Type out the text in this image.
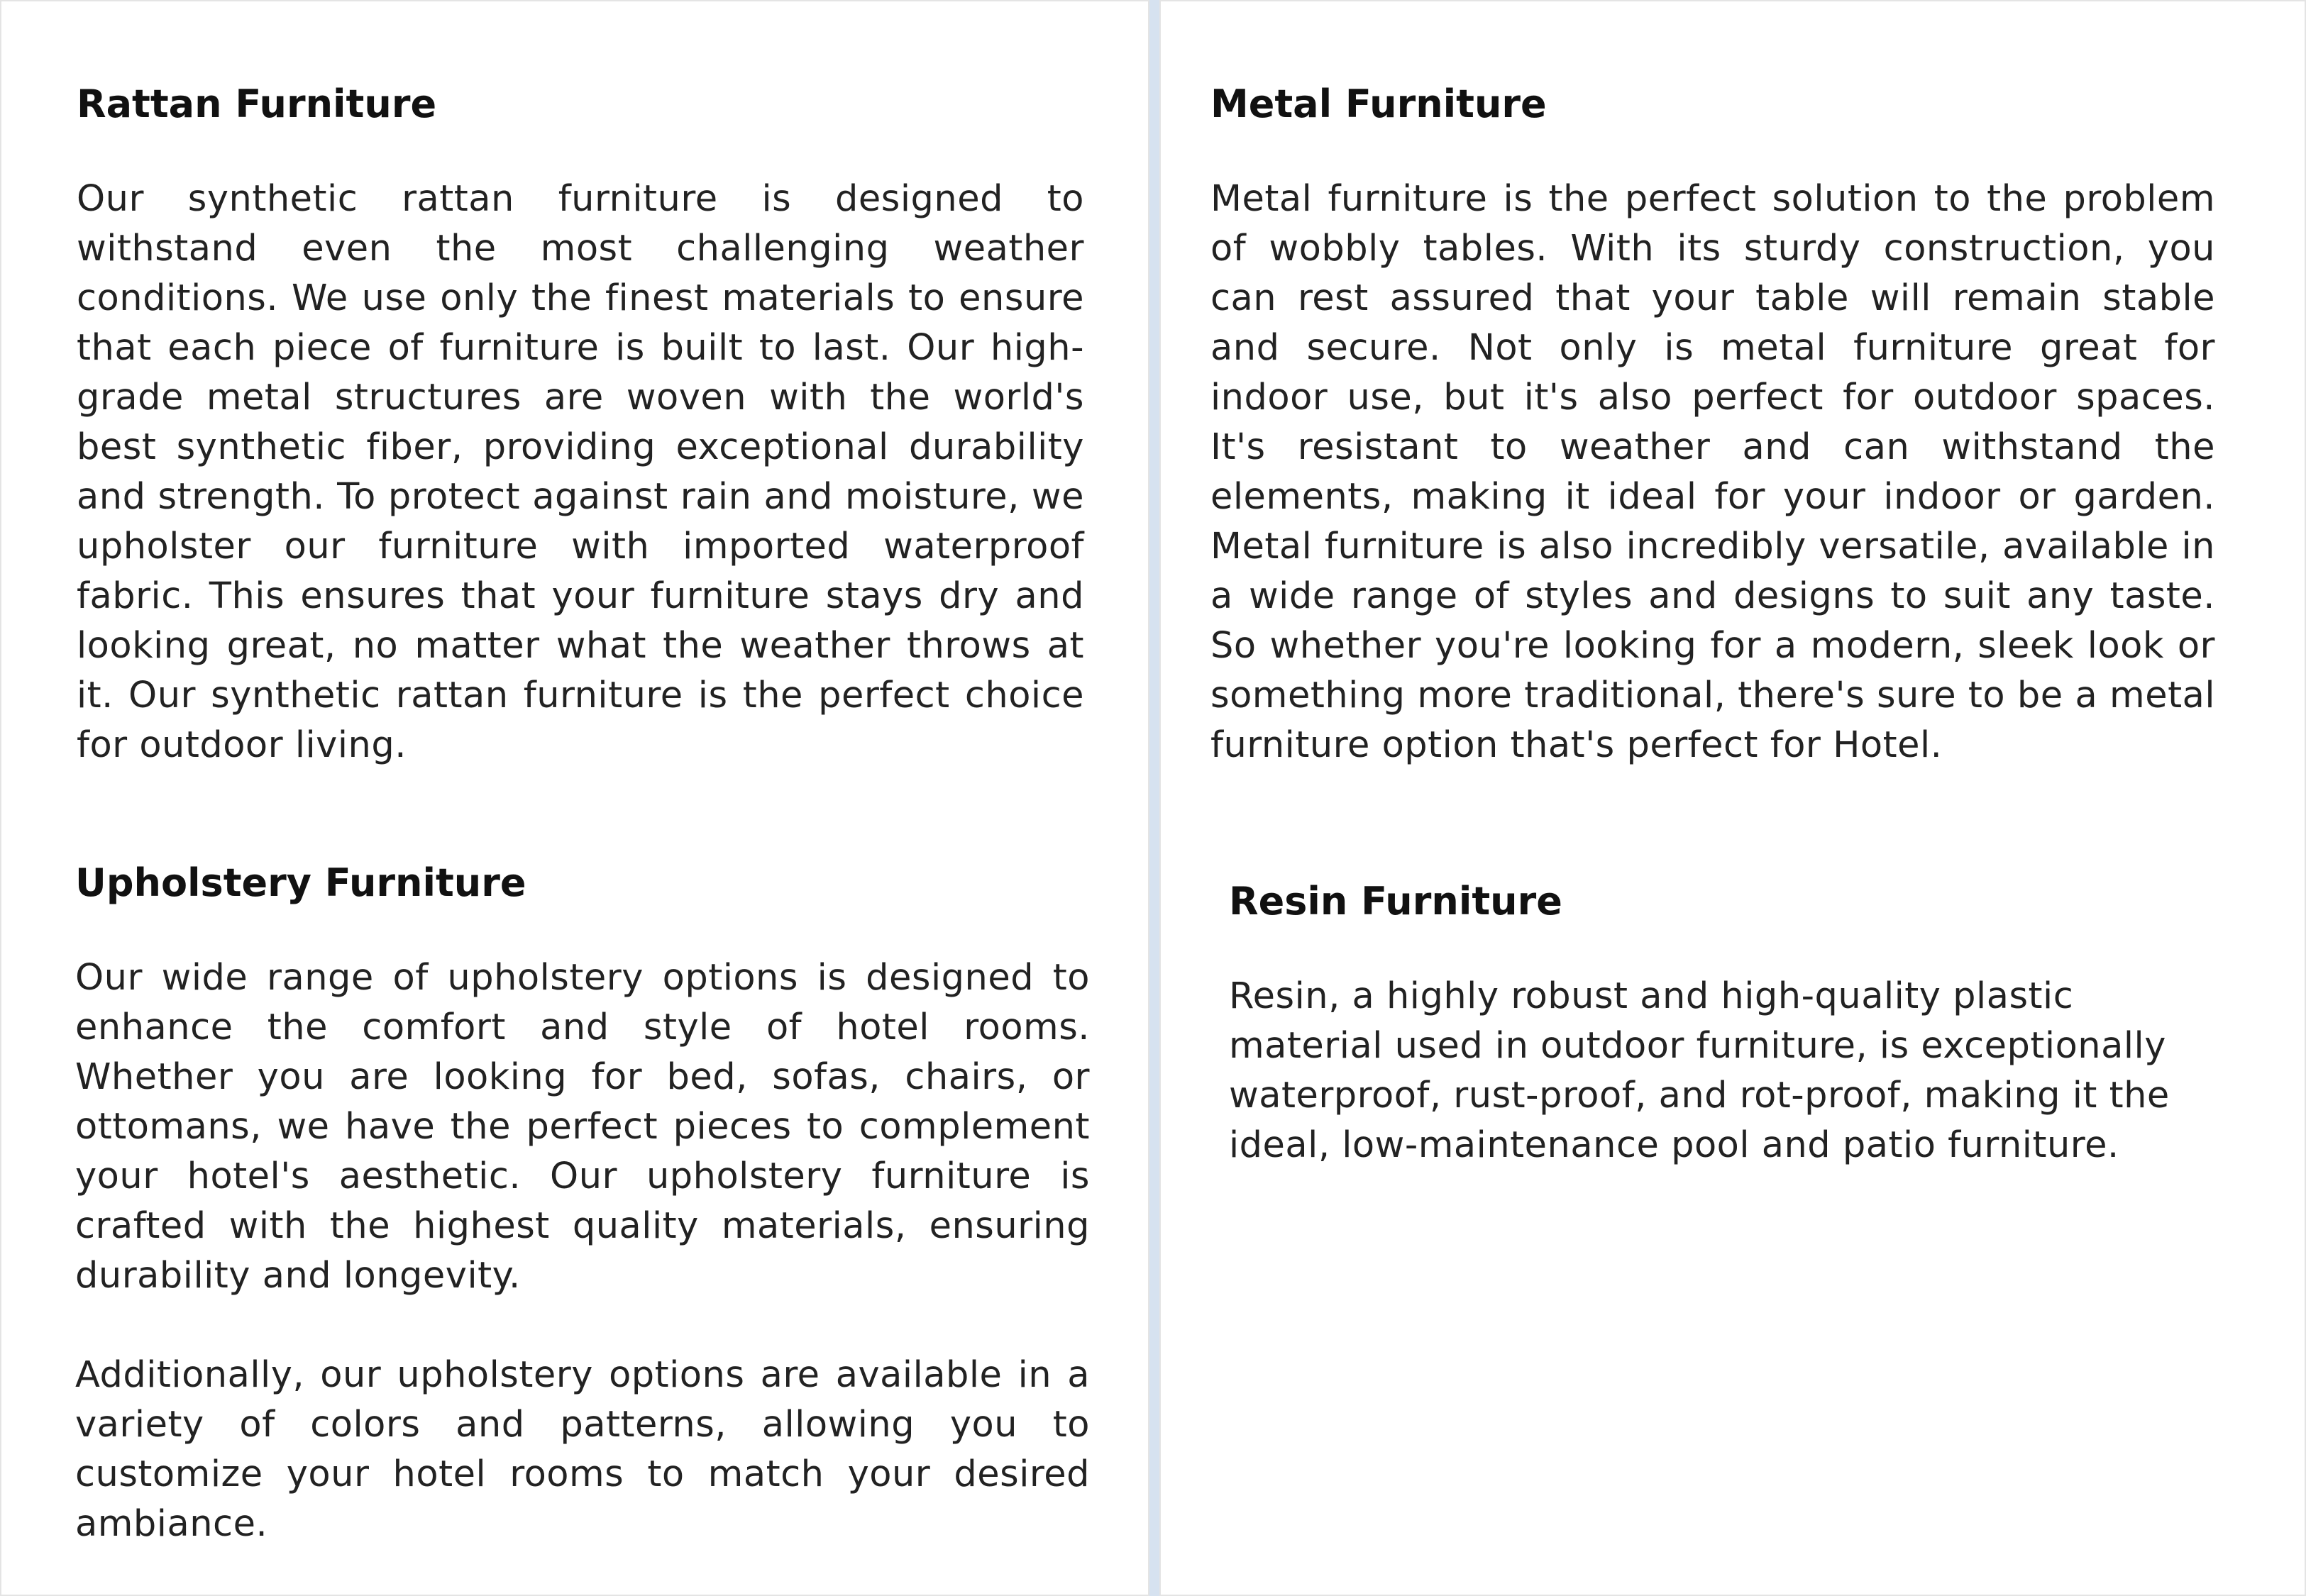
Rattan Furniture

Our synthetic rattan furniture is designed to withstand even the most challenging weather conditions. We use only the finest materials to ensure that each piece of furniture is built to last. Our high-grade metal structures are woven with the world's best synthetic fiber, providing exceptional durability and strength. To protect against rain and moisture, we upholster our furniture with imported waterproof fabric. This ensures that your furniture stays dry and looking great, no matter what the weather throws at it. Our synthetic rattan furniture is the perfect choice for outdoor living.

Upholstery Furniture

Our wide range of upholstery options is designed to enhance the comfort and style of hotel rooms. Whether you are looking for bed, sofas, chairs, or ottomans, we have the perfect pieces to complement your hotel's aesthetic. Our upholstery furniture is crafted with the highest quality materials, ensuring durability and longevity.

Additionally, our upholstery options are available in a variety of colors and patterns, allowing you to customize your hotel rooms to match your desired ambiance.

Metal Furniture

Metal furniture is the perfect solution to the problem of wobbly tables. With its sturdy construction, you can rest assured that your table will remain stable and secure. Not only is metal furniture great for indoor use, but it's also perfect for outdoor spaces. It's resistant to weather and can withstand the elements, making it ideal for your indoor or garden. Metal furniture is also incredibly versatile, available in a wide range of styles and designs to suit any taste. So whether you're looking for a modern, sleek look or something more traditional, there's sure to be a metal furniture option that's perfect for Hotel.

Resin Furniture

Resin, a highly robust and high-quality plastic material used in outdoor furniture, is exceptionally waterproof, rust-proof, and rot-proof, making it the ideal, low-maintenance pool and patio furniture.
